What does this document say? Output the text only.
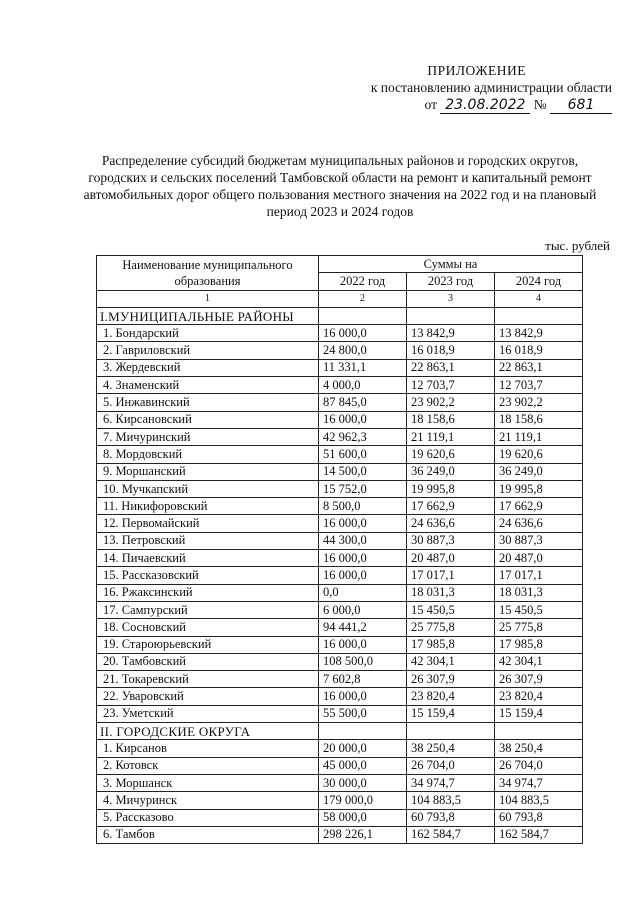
ПРИЛОЖЕНИЕ
к постановлению администрации области
от 23.08.2022 № 681
Распределение субсидий бюджетам муниципальных районов и городских округов, городских и сельских поселений Тамбовской области на ремонт и капитальный ремонт автомобильных дорог общего пользования местного значения на 2022 год и на плановый период 2023 и 2024 годов
тыс. рублей
Наименование муниципального образования	Суммы на		
	2022 год	2023 год	2024 год
1	2	3	4
I.МУНИЦИПАЛЬНЫЕ РАЙОНЫ			
1. Бондарский	16 000,0	13 842,9	13 842,9
2. Гавриловский	24 800,0	16 018,9	16 018,9
3. Жердевский	11 331,1	22 863,1	22 863,1
4. Знаменский	4 000,0	12 703,7	12 703,7
5. Инжавинский	87 845,0	23 902,2	23 902,2
6. Кирсановский	16 000,0	18 158,6	18 158,6
7. Мичуринский	42 962,3	21 119,1	21 119,1
8. Мордовский	51 600,0	19 620,6	19 620,6
9. Моршанский	14 500,0	36 249,0	36 249,0
10. Мучкапский	15 752,0	19 995,8	19 995,8
11. Никифоровский	8 500,0	17 662,9	17 662,9
12. Первомайский	16 000,0	24 636,6	24 636,6
13. Петровский	44 300,0	30 887,3	30 887,3
14. Пичаевский	16 000,0	20 487,0	20 487,0
15. Рассказовский	16 000,0	17 017,1	17 017,1
16. Ржаксинский	0,0	18 031,3	18 031,3
17. Сампурский	6 000,0	15 450,5	15 450,5
18. Сосновский	94 441,2	25 775,8	25 775,8
19. Староюрьевский	16 000,0	17 985,8	17 985,8
20. Тамбовский	108 500,0	42 304,1	42 304,1
21. Токаревский	7 602,8	26 307,9	26 307,9
22. Уваровский	16 000,0	23 820,4	23 820,4
23. Уметский	55 500,0	15 159,4	15 159,4
II. ГОРОДСКИЕ ОКРУГА			
1. Кирсанов	20 000,0	38 250,4	38 250,4
2. Котовск	45 000,0	26 704,0	26 704,0
3. Моршанск	30 000,0	34 974,7	34 974,7
4. Мичуринск	179 000,0	104 883,5	104 883,5
5. Рассказово	58 000,0	60 793,8	60 793,8
6. Тамбов	298 226,1	162 584,7	162 584,7
